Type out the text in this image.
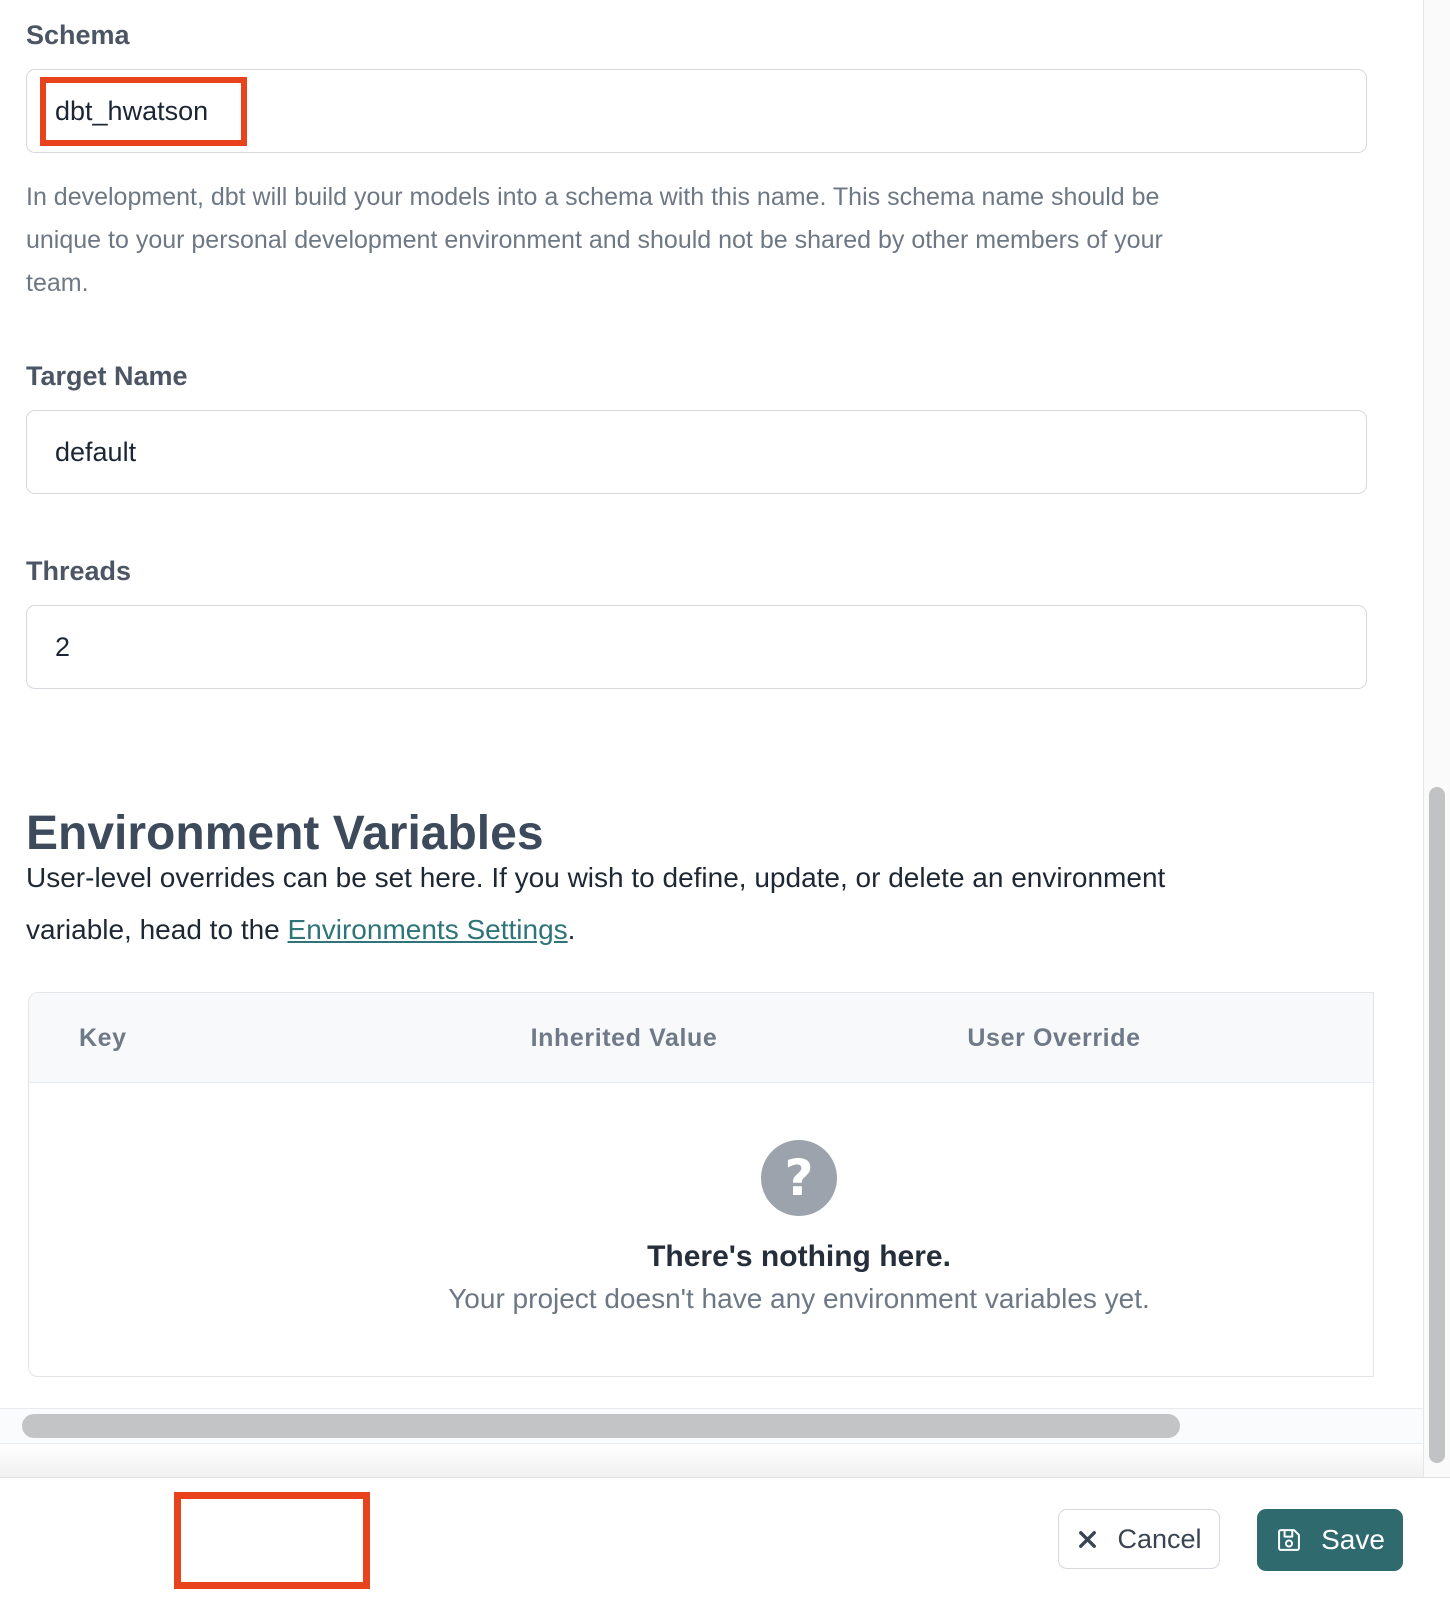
Schema
dbt_hwatson
In development, dbt will build your models into a schema with this name. This schema name should be
unique to your personal development environment and should not be shared by other members of your
team.
Target Name
default
Threads
2
Environment Variables

User-level overrides can be set here. If you wish to define, update, or delete an environment
variable, head to the Environments Settings.

Key	Inherited Value	User Override
?
There's nothing here.
Your project doesn't have any environment variables yet.
Cancel	Save
